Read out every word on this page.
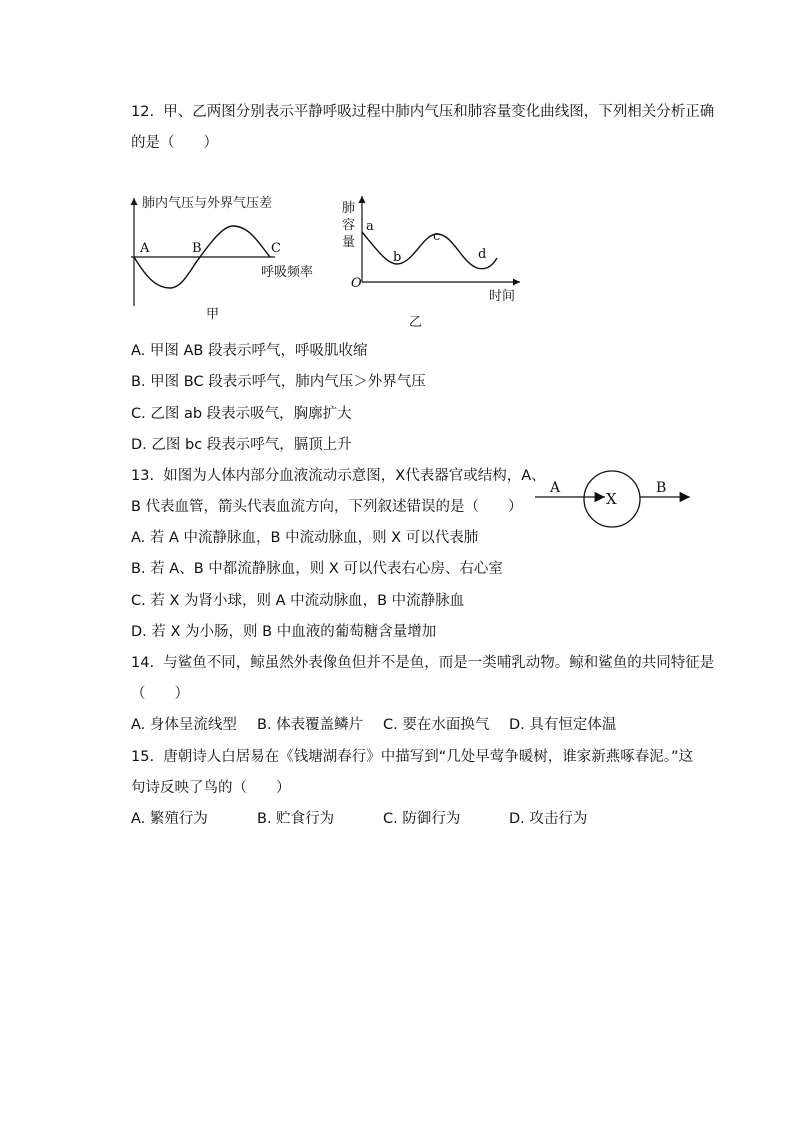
12.  甲、乙两图分别表示平静呼吸过程中肺内气压和肺容量变化曲线图，下列相关分析正确
的是（　　）
肺内气压与外界气压差
A	B	C
呼吸频率
甲
肺
容
量
a
b
c
d
O
时间
乙
A. 甲图 AB 段表示呼气，呼吸肌收缩
B. 甲图 BC 段表示呼气，肺内气压＞外界气压
C. 乙图 ab 段表示吸气，胸廓扩大
D. 乙图 bc 段表示呼气，膈顶上升
13.  如图为人体内部分血液流动示意图，X代表器官或结构，A、
B 代表血管，箭头代表血流方向，下列叙述错误的是（　　）
A
X
B
A. 若 A 中流静脉血，B 中流动脉血，则 X 可以代表肺
B. 若 A、B 中都流静脉血，则 X 可以代表右心房、右心室
C. 若 X 为肾小球，则 A 中流动脉血，B 中流静脉血
D. 若 X 为小肠，则 B 中血液的葡萄糖含量增加
14.  与鲨鱼不同，鲸虽然外表像鱼但并不是鱼，而是一类哺乳动物。鲸和鲨鱼的共同特征是
（　　）
A. 身体呈流线型 B. 体表覆盖鳞片 C. 要在水面换气 D. 具有恒定体温
15.  唐朝诗人白居易在《钱塘湖春行》中描写到“几处早莺争暖树，谁家新燕啄春泥。”这
句诗反映了鸟的（　　）
A. 繁殖行为	B. 贮食行为	C. 防御行为	D. 攻击行为
